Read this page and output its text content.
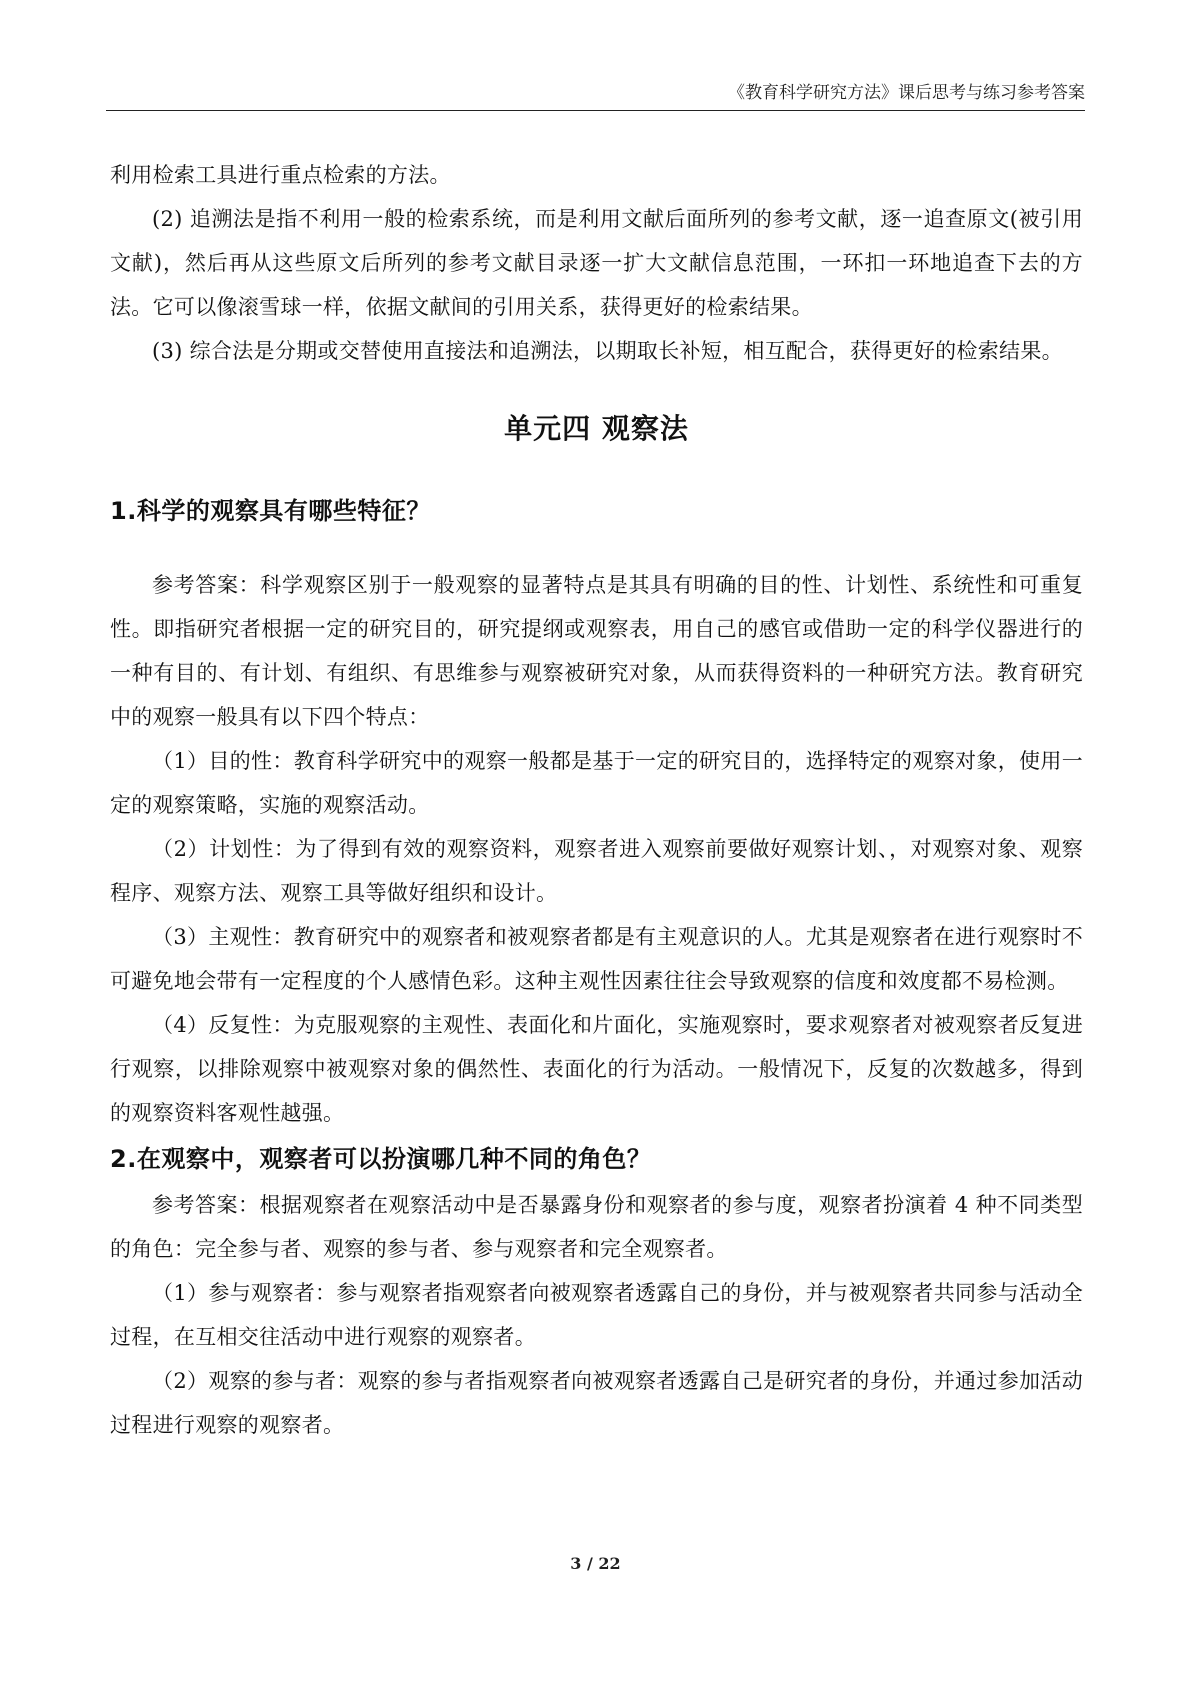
《教育科学研究方法》课后思考与练习参考答案

利用检索工具进行重点检索的方法。

(2) 追溯法是指不利用一般的检索系统，而是利用文献后面所列的参考文献，逐一追查原文(被引用文献)，然后再从这些原文后所列的参考文献目录逐一扩大文献信息范围，一环扣一环地追查下去的方法。它可以像滚雪球一样，依据文献间的引用关系，获得更好的检索结果。

(3) 综合法是分期或交替使用直接法和追溯法，以期取长补短，相互配合，获得更好的检索结果。

单元四 观察法
1.科学的观察具有哪些特征？

参考答案：科学观察区别于一般观察的显著特点是其具有明确的目的性、计划性、系统性和可重复性。即指研究者根据一定的研究目的，研究提纲或观察表，用自己的感官或借助一定的科学仪器进行的一种有目的、有计划、有组织、有思维参与观察被研究对象，从而获得资料的一种研究方法。教育研究中的观察一般具有以下四个特点：

（1）目的性：教育科学研究中的观察一般都是基于一定的研究目的，选择特定的观察对象，使用一定的观察策略，实施的观察活动。

（2）计划性：为了得到有效的观察资料，观察者进入观察前要做好观察计划、，对观察对象、观察程序、观察方法、观察工具等做好组织和设计。

（3）主观性：教育研究中的观察者和被观察者都是有主观意识的人。尤其是观察者在进行观察时不可避免地会带有一定程度的个人感情色彩。这种主观性因素往往会导致观察的信度和效度都不易检测。

（4）反复性：为克服观察的主观性、表面化和片面化，实施观察时，要求观察者对被观察者反复进行观察，以排除观察中被观察对象的偶然性、表面化的行为活动。一般情况下，反复的次数越多，得到的观察资料客观性越强。

2.在观察中，观察者可以扮演哪几种不同的角色？

参考答案：根据观察者在观察活动中是否暴露身份和观察者的参与度，观察者扮演着 4 种不同类型的角色：完全参与者、观察的参与者、参与观察者和完全观察者。

（1）参与观察者：参与观察者指观察者向被观察者透露自己的身份，并与被观察者共同参与活动全过程，在互相交往活动中进行观察的观察者。

（2）观察的参与者：观察的参与者指观察者向被观察者透露自己是研究者的身份，并通过参加活动过程进行观察的观察者。

3 / 22
